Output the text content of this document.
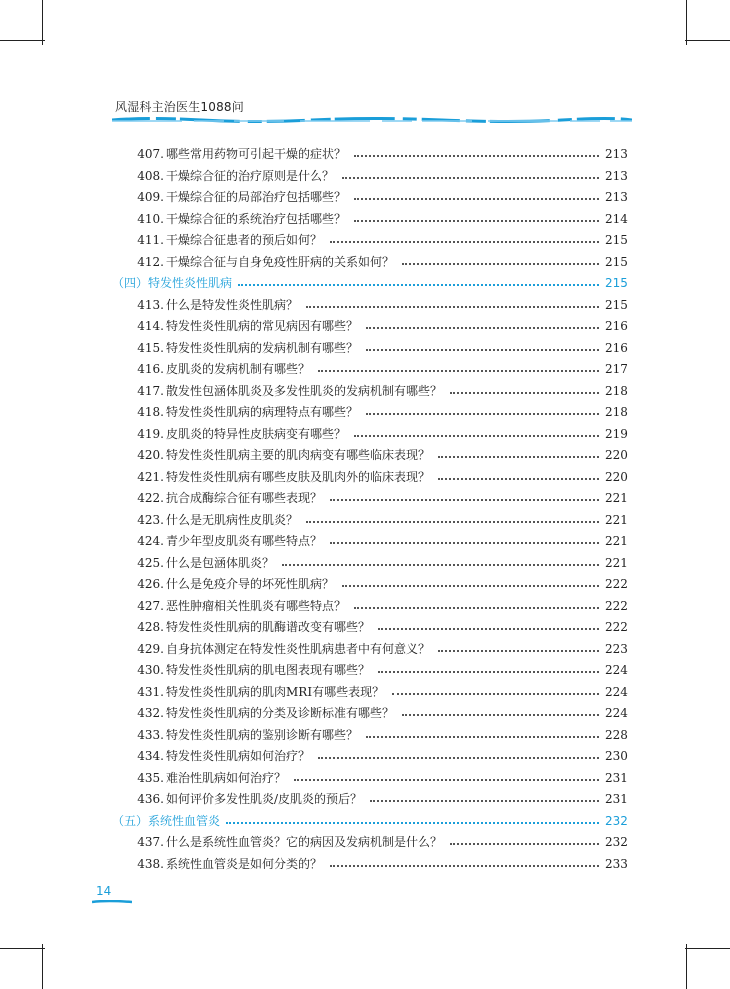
风湿科主治医生1088问
407. 哪些常用药物可引起干燥的症状？	213
408. 干燥综合征的治疗原则是什么？	213
409. 干燥综合征的局部治疗包括哪些？	213
410. 干燥综合征的系统治疗包括哪些？	214
411. 干燥综合征患者的预后如何？	215
412. 干燥综合征与自身免疫性肝病的关系如何？	215
（四）特发性炎性肌病	215
413. 什么是特发性炎性肌病？	215
414. 特发性炎性肌病的常见病因有哪些？	216
415. 特发性炎性肌病的发病机制有哪些？	216
416. 皮肌炎的发病机制有哪些？	217
417. 散发性包涵体肌炎及多发性肌炎的发病机制有哪些？	218
418. 特发性炎性肌病的病理特点有哪些？	218
419. 皮肌炎的特异性皮肤病变有哪些？	219
420. 特发性炎性肌病主要的肌肉病变有哪些临床表现？	220
421. 特发性炎性肌病有哪些皮肤及肌肉外的临床表现？	220
422. 抗合成酶综合征有哪些表现？	221
423. 什么是无肌病性皮肌炎？	221
424. 青少年型皮肌炎有哪些特点？	221
425. 什么是包涵体肌炎？	221
426. 什么是免疫介导的坏死性肌病？	222
427. 恶性肿瘤相关性肌炎有哪些特点？	222
428. 特发性炎性肌病的肌酶谱改变有哪些？	222
429. 自身抗体测定在特发性炎性肌病患者中有何意义？	223
430. 特发性炎性肌病的肌电图表现有哪些？	224
431. 特发性炎性肌病的肌肉MRI有哪些表现？	224
432. 特发性炎性肌病的分类及诊断标准有哪些？	224
433. 特发性炎性肌病的鉴别诊断有哪些？	228
434. 特发性炎性肌病如何治疗？	230
435. 难治性肌病如何治疗？	231
436. 如何评价多发性肌炎/皮肌炎的预后？	231
（五）系统性血管炎	232
437. 什么是系统性血管炎？它的病因及发病机制是什么？	232
438. 系统性血管炎是如何分类的？	233
14
